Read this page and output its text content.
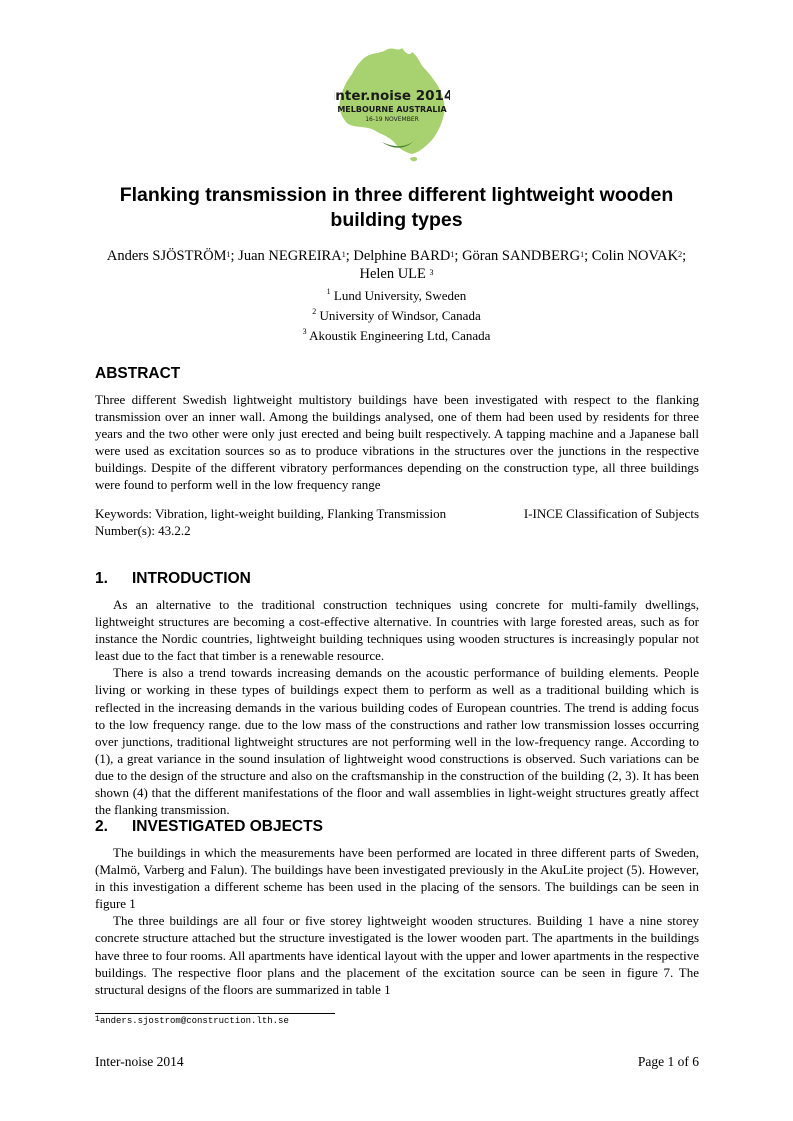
inter.noise 2014
MELBOURNE AUSTRALIA
16-19 NOVEMBER
Flanking transmission in three different lightweight wooden
building types
Anders SJÖSTRÖM$^1$; Juan NEGREIRA$^1$; Delphine BARD$^1$; Göran SANDBERG$^1$; Colin NOVAK$^2$;
Helen ULE $^3$
$^1$ Lund University, Sweden
$^2$ University of Windsor, Canada
$^3$ Akoustik Engineering Ltd, Canada
ABSTRACT
Three different Swedish lightweight multistory buildings have been investigated with respect to the flanking transmission over an inner wall. Among the buildings analysed, one of them had been used by residents for three years and the two other were only just erected and being built respectively. A tapping machine and a Japanese ball were used as excitation sources so as to produce vibrations in the structures over the junctions in the respective buildings. Despite of the different vibratory performances depending on the construction type, all three buildings were found to perform well in the low frequency range
Keywords: Vibration, light-weight building, Flanking Transmission	I-INCE Classification of Subjects
Number(s): 43.2.2
1. INTRODUCTION
As an alternative to the traditional construction techniques using concrete for multi-family dwellings, lightweight structures are becoming a cost-effective alternative. In countries with large forested areas, such as for instance the Nordic countries, lightweight building techniques using wooden structures is increasingly popular not least due to the fact that timber is a renewable resource.
There is also a trend towards increasing demands on the acoustic performance of building elements. People living or working in these types of buildings expect them to perform as well as a traditional building which is reflected in the increasing demands in the various building codes of European countries. The trend is adding focus to the low frequency range. due to the low mass of the constructions and rather low transmission losses occurring over junctions, traditional lightweight structures are not performing well in the low-frequency range. According to (1), a great variance in the sound insulation of lightweight wood constructions is observed. Such variations can be due to the design of the structure and also on the craftsmanship in the construction of the building (2, 3). It has been shown (4) that the different manifestations of the floor and wall assemblies in light-weight structures greatly affect the flanking transmission.
2. INVESTIGATED OBJECTS
The buildings in which the measurements have been performed are located in three different parts of Sweden, (Malmö, Varberg and Falun). The buildings have been investigated previously in the AkuLite project (5). However, in this investigation a different scheme has been used in the placing of the sensors. The buildings can be seen in figure 1
The three buildings are all four or five storey lightweight wooden structures. Building 1 have a nine storey concrete structure attached but the structure investigated is the lower wooden part. The apartments in the buildings have three to four rooms. All apartments have identical layout with the upper and lower apartments in the respective buildings. The respective floor plans and the placement of the excitation source can be seen in figure 7. The structural designs of the floors are summarized in table 1
$^1$anders.sjostrom@construction.lth.se
Inter-noise 2014	Page 1 of 6
